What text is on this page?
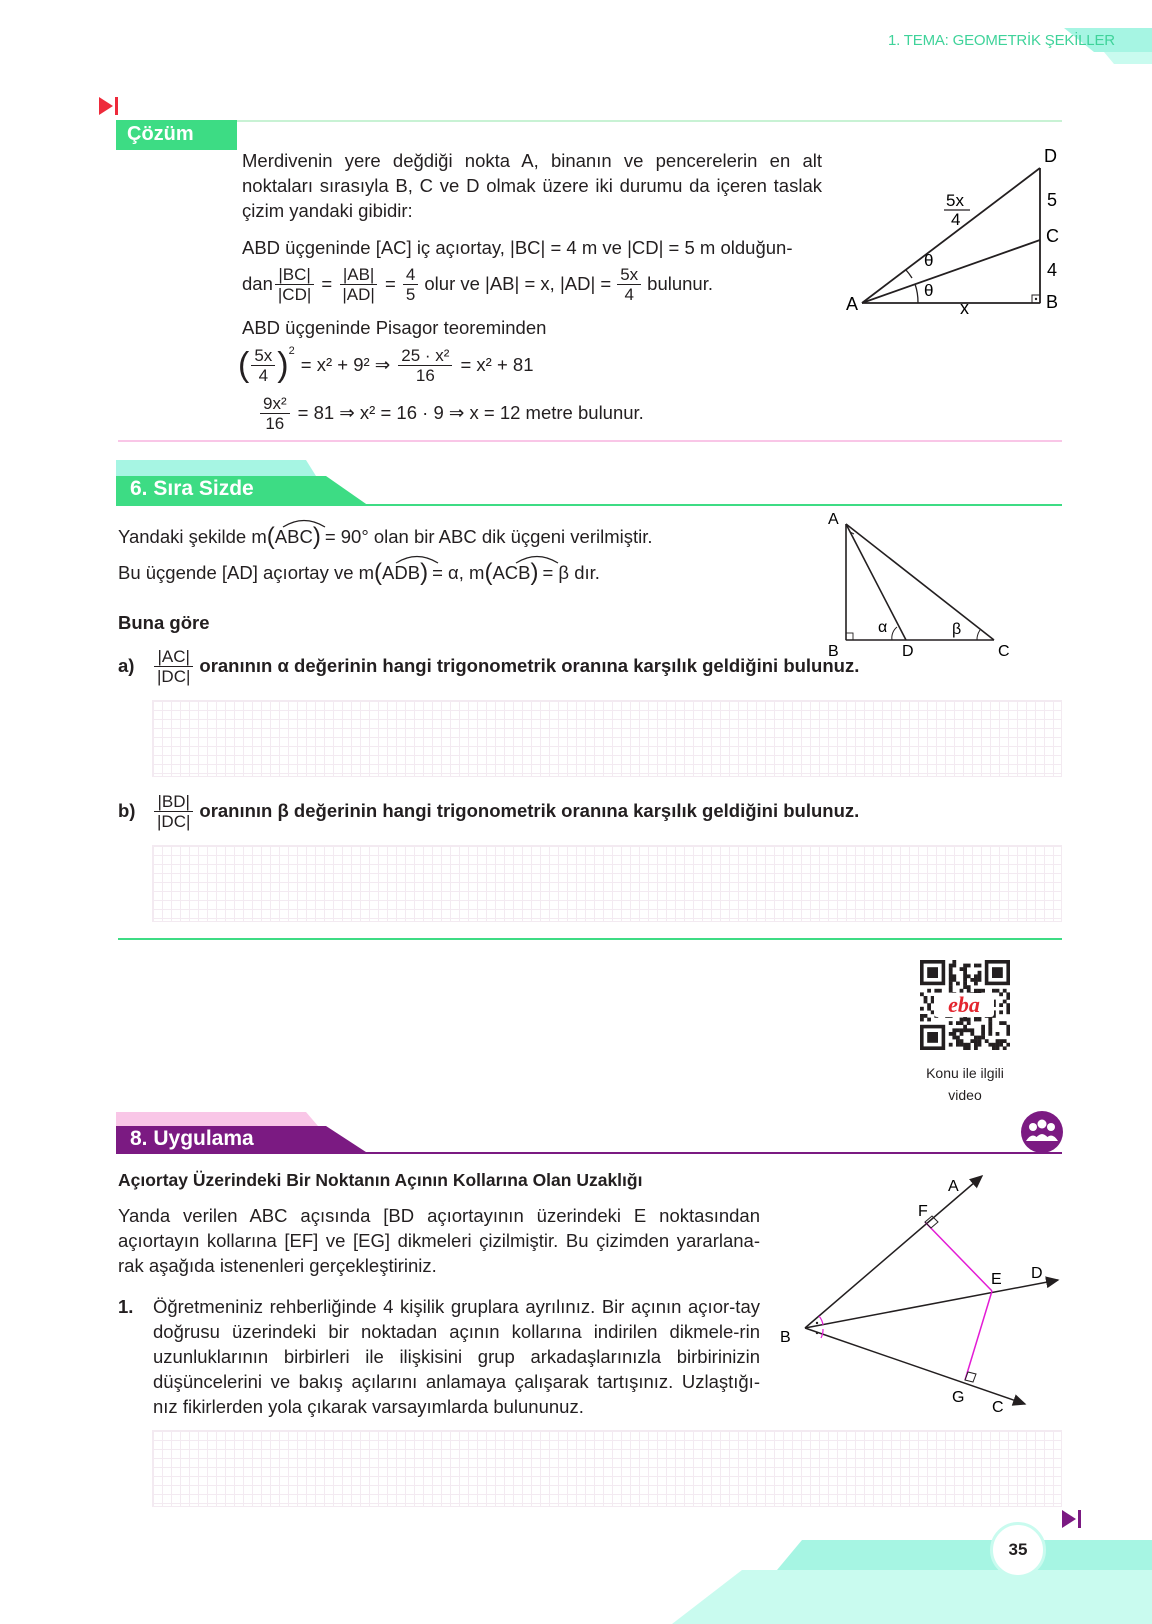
1. TEMA: GEOMETRİK ŞEKİLLER
Çözüm
Merdivenin yere değdiği nokta A, binanın ve pencerelerin en alt noktaları sırasıyla B, C ve D olmak üzere iki durumu da içeren taslak çizim yandaki gibidir:
ABD üçgeninde [AC] iç açıortay, |BC| = 4 m ve |CD| = 5 m olduğun-
dan $\frac{|BC|}{|CD|} = \frac{|AB|}{|AD|} = \frac{4}{5}$ olur ve |AB| = x, $|AD| = \frac{5x}{4}$ bulunur.
ABD üçgeninde Pisagor teoreminden
( $\frac{5x}{4}$ ) 2
= x² + 9² ⇒ $\frac{\text{25 · x²}}{16} = x^2 + 81$
$\frac{\text{9x²}}{16} = 81$ ⇒ x² = 16 · 9 ⇒ x = 12 metre bulunur.
A	B
C
D
5
4
x
θ
θ
5x
4
6. Sıra Sizde
Yandaki şekilde m ( ABC ) = 90° olan bir ABC dik üçgeni verilmiştir.
Bu üçgende [AD] açıortay ve m ( ADB ) = α, m ( ACB ) = β dır.
Buna göre
a)	$\frac{|AC|}{|DC|}$ oranının α değerinin hangi trigonometrik oranına karşılık geldiğini bulunuz.
b)	$\frac{|BD|}{|DC|}$ oranının β değerinin hangi trigonometrik oranına karşılık geldiğini bulunuz.
A
B	C
D
α	β
eba
Konu ile ilgili
video
8. Uygulama
Açıortay Üzerindeki Bir Noktanın Açının Kollarına Olan Uzaklığı
Yanda verilen ABC açısında [BD açıortayının üzerindeki E noktasından açıortayın kollarına [EF] ve [EG] dikmeleri çizilmiştir. Bu çizimden yararlana-rak aşağıda istenenleri gerçekleştiriniz.
1.	Öğretmeniniz rehberliğinde 4 kişilik gruplara ayrılınız. Bir açının açıor-tay doğrusu üzerindeki bir noktadan açının kollarına indirilen dikmele-rin uzunluklarının birbirleri ile ilişkisini grup arkadaşlarınızla birbirinizin düşüncelerini ve bakış açılarını anlamaya çalışarak tartışınız. Uzlaştığı-nız fikirlerden yola çıkarak varsayımlarda bulununuz.
B
A
F
E D
G
C
35
